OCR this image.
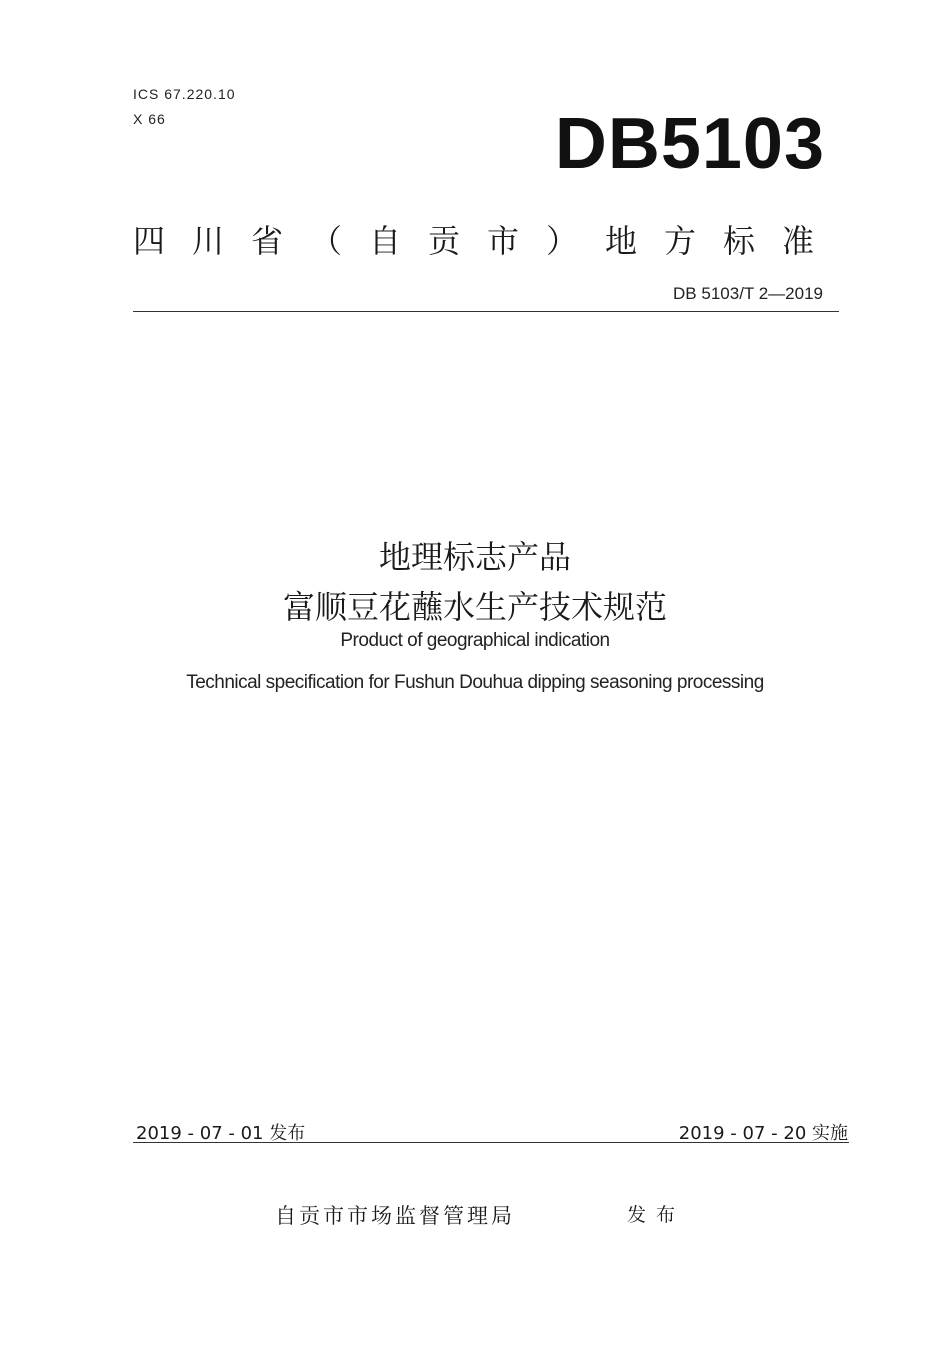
ICS 67.220.10
X 66	DB5103
四川省（自贡市）地方标准
DB 5103/T 2—2019
地理标志产品
富顺豆花蘸水生产技术规范
Product of geographical indication
Technical specification for Fushun Douhua dipping seasoning processing
2019 - 07 - 01 发布	2019 - 07 - 20 实施
自贡市市场监督管理局	发布
